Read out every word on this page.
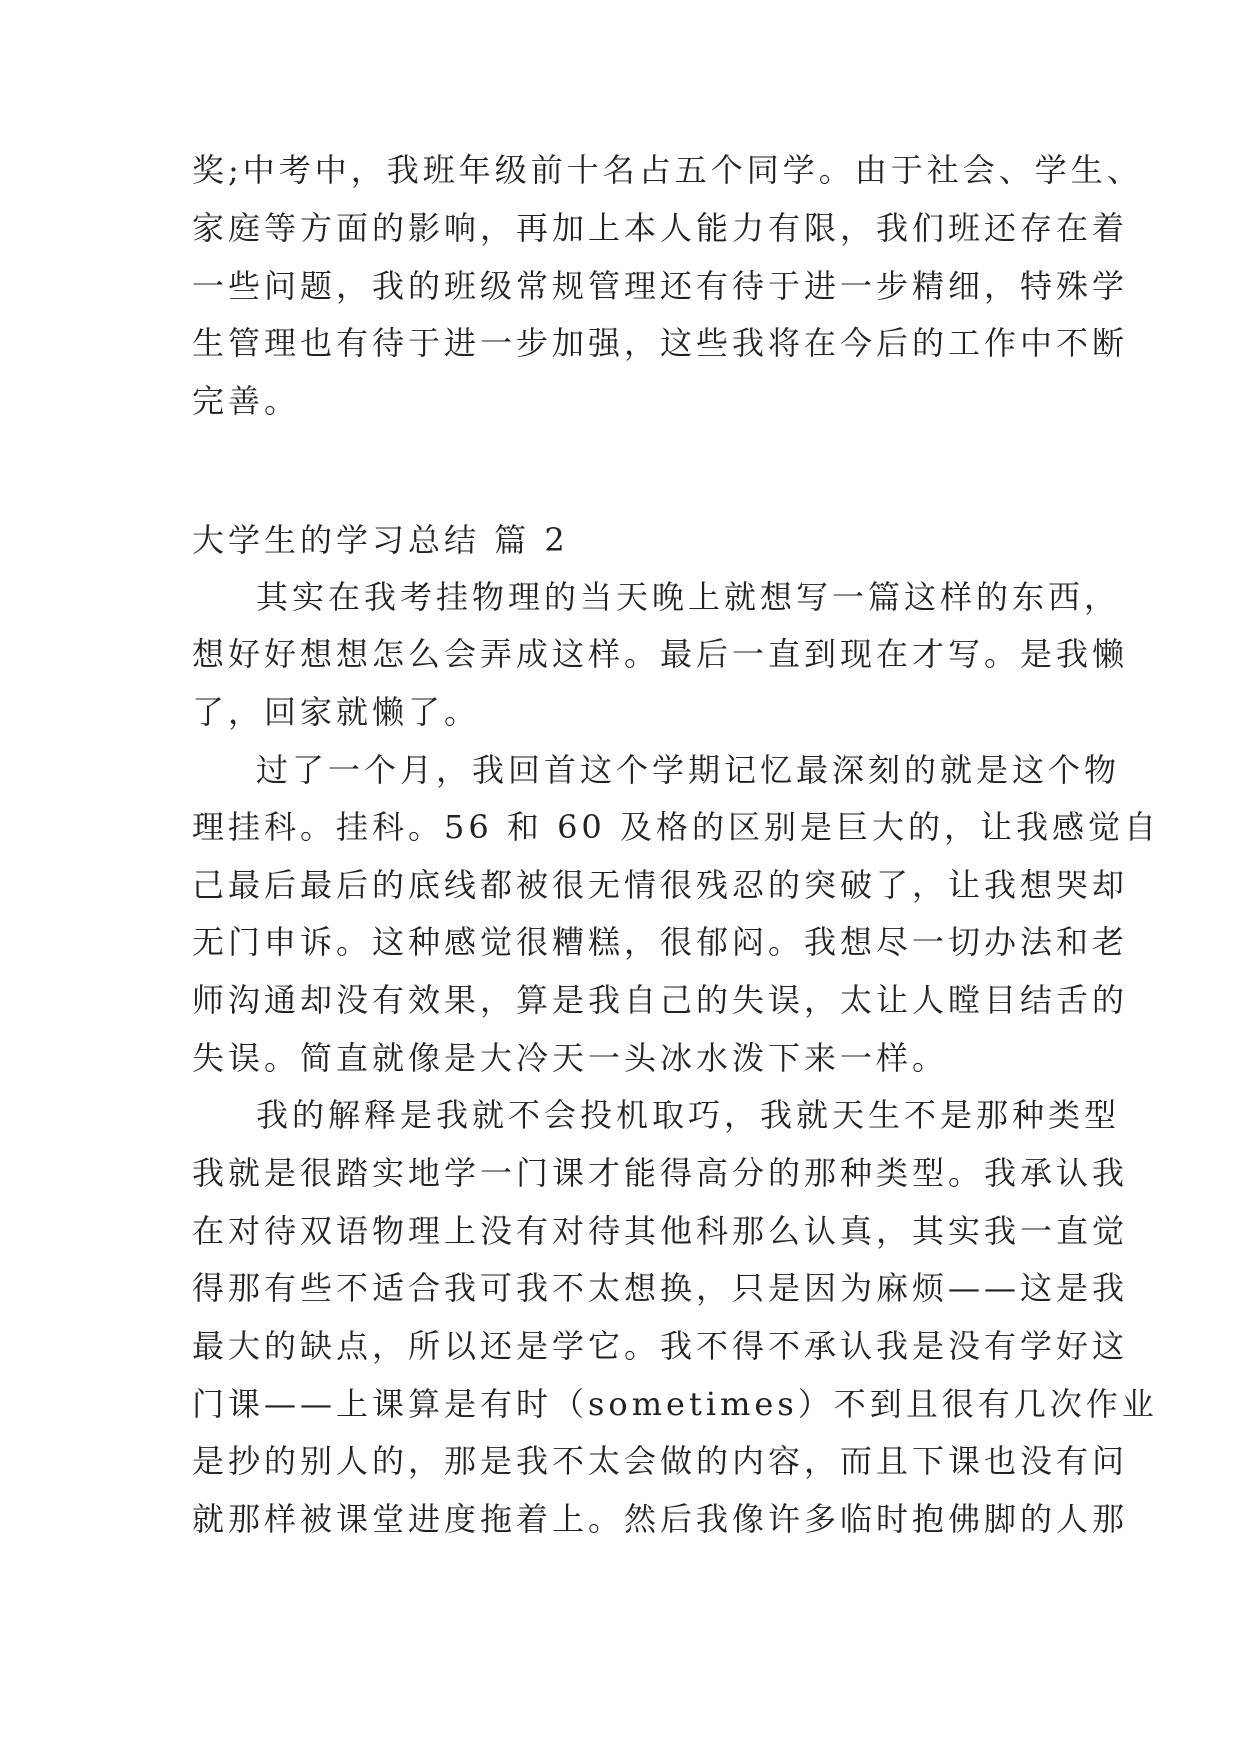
奖;中考中，我班年级前十名占五个同学。由于社会、学生、
家庭等方面的影响，再加上本人能力有限，我们班还存在着
一些问题，我的班级常规管理还有待于进一步精细，特殊学
生管理也有待于进一步加强，这些我将在今后的工作中不断
完善。
大学生的学习总结 篇 2
其实在我考挂物理的当天晚上就想写一篇这样的东西，
想好好想想怎么会弄成这样。最后一直到现在才写。是我懒
了，回家就懒了。
过了一个月，我回首这个学期记忆最深刻的就是这个物
理挂科。挂科。56 和 60 及格的区别是巨大的，让我感觉自
己最后最后的底线都被很无情很残忍的突破了，让我想哭却
无门申诉。这种感觉很糟糕，很郁闷。我想尽一切办法和老
师沟通却没有效果，算是我自己的失误，太让人瞠目结舌的
失误。简直就像是大冷天一头冰水泼下来一样。
我的解释是我就不会投机取巧，我就天生不是那种类型
我就是很踏实地学一门课才能得高分的那种类型。我承认我
在对待双语物理上没有对待其他科那么认真，其实我一直觉
得那有些不适合我可我不太想换，只是因为麻烦——这是我
最大的缺点，所以还是学它。我不得不承认我是没有学好这
门课——上课算是有时（sometimes）不到且很有几次作业
是抄的别人的，那是我不太会做的内容，而且下课也没有问
就那样被课堂进度拖着上。然后我像许多临时抱佛脚的人那
